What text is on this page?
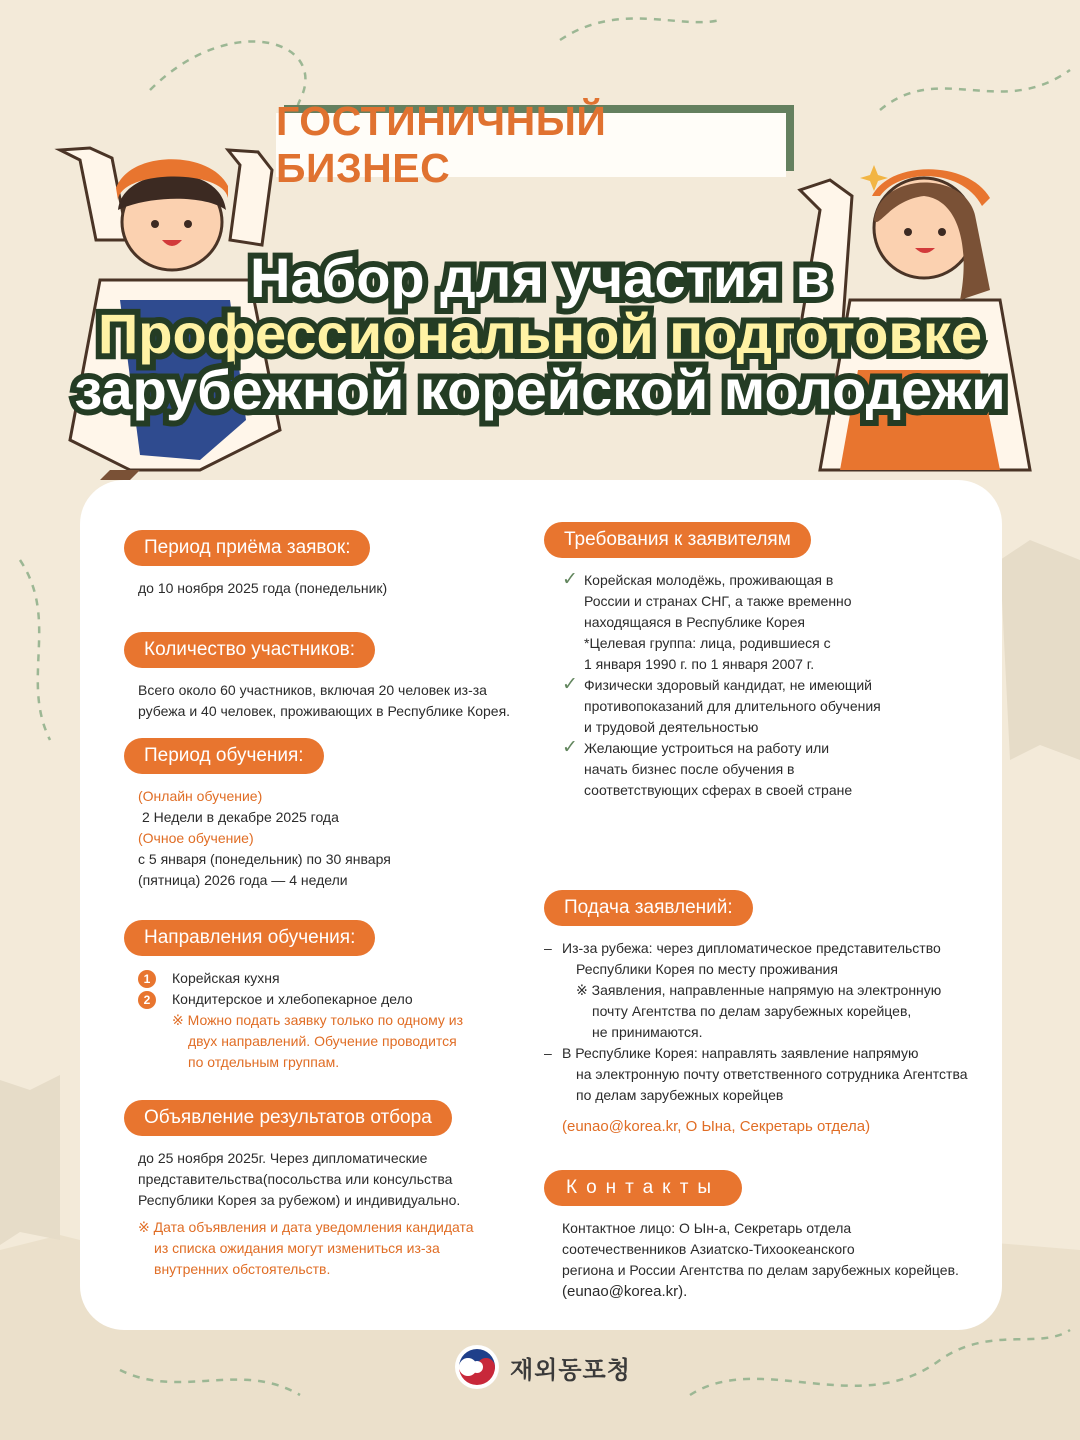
ГОСТИНИЧНЫЙ БИЗНЕС
Набор для участия в
Профессиональной подготовке
зарубежной корейской молодежи
Период приёма заявок:
до 10 ноября 2025 года (понедельник)
Количество участников:
Всего около 60 участников, включая 20 человек из-за
рубежа и 40 человек, проживающих в Республике Корея.
Период обучения:
(Онлайн обучение)
2 Недели в декабре 2025 года
(Очное обучение)
с 5 января (понедельник) по 30 января
(пятница) 2026 года — 4 недели
Направления обучения:
1	Корейская кухня
2	Кондитерское и хлебопекарное дело
※ Можно подать заявку только по одному из
двух направлений. Обучение проводится
по отдельным группам.
Объявление результатов отбора
до 25 ноября 2025г. Через дипломатические
представительства(посольства или консульства
Республики Корея за рубежом) и индивидуально.
※ Дата объявления и дата уведомления кандидата
из списка ожидания могут измениться из-за
внутренних обстоятельств.
Требования к заявителям
✓ Корейская молодёжь, проживающая в
России и странах СНГ, а также временно
находящаяся в Республике Корея
*Целевая группа: лица, родившиеся с
1 января 1990 г. по 1 января 2007 г.
✓ Физически здоровый кандидат, не имеющий
противопоказаний для длительного обучения
и трудовой деятельностью
✓ Желающие устроиться на работу или
начать бизнес после обучения в
соответствующих сферах в своей стране
Подача заявлений:
– Из-за рубежа: через дипломатическое представительство
Республики Корея по месту проживания
※ Заявления, направленные напрямую на электронную
почту Агентства по делам зарубежных корейцев,
не принимаются.
– В Республике Корея: направлять заявление напрямую
на электронную почту ответственного сотрудника Агентства
по делам зарубежных корейцев
(eunao@korea.kr, О Ына, Секретарь отдела)
Контакты
Контактное лицо: О Ын-а, Секретарь отдела
соотечественников Азиатско-Тихоокеанского
региона и России Агентства по делам зарубежных корейцев.
(eunao@korea.kr).
재외동포청
